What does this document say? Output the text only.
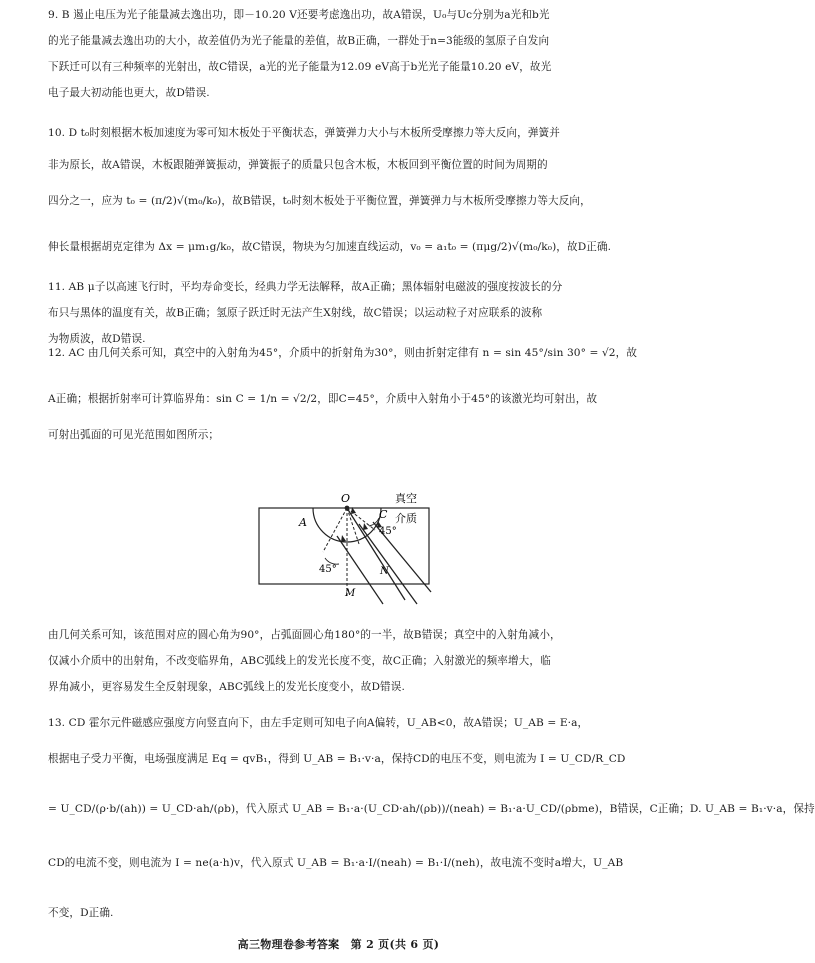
9. B 遏止电压为光子能量减去逸出功，即－10.20 V还要考虑逸出功，故A错误，U₀与Uc分别为a光和b光
的光子能量减去逸出功的大小，故差值仍为光子能量的差值，故B正确，一群处于n=3能级的氢原子自发向
下跃迁可以有三种频率的光射出，故C错误，a光的光子能量为12.09 eV高于b光光子能量10.20 eV，故光
电子最大初动能也更大，故D错误.
10. D t₀时刻根据木板加速度为零可知木板处于平衡状态，弹簧弹力大小与木板所受摩擦力等大反向，弹簧并
非为原长，故A错误，木板跟随弹簧振动，弹簧振子的质量只包含木板，木板回到平衡位置的时间为周期的
四分之一，应为 t₀ = (π/2)√(m₀/k₀)，故B错误，t₀时刻木板处于平衡位置，弹簧弹力与木板所受摩擦力等大反向，
伸长量根据胡克定律为 Δx = μm₁g/k₀，故C错误，物块为匀加速直线运动，v₀ = a₁t₀ = (πμg/2)√(m₀/k₀)，故D正确.
11. AB μ子以高速飞行时，平均寿命变长，经典力学无法解释，故A正确；黑体辐射电磁波的强度按波长的分
布只与黑体的温度有关，故B正确；氢原子跃迁时无法产生X射线，故C错误；以运动粒子对应联系的波称
为物质波，故D错误.
12. AC 由几何关系可知，真空中的入射角为45°，介质中的折射角为30°，则由折射定律有 n = sin 45°/sin 30° = √2，故
A正确；根据折射率可计算临界角：sin C = 1/n = √2/2，即C=45°，介质中入射角小于45°的该激光均可射出，故
可射出弧面的可见光范围如图所示；
O
A
C
N
M
真空
介质
45°
45°
由几何关系可知，该范围对应的圆心角为90°，占弧面圆心角180°的一半，故B错误；真空中的入射角减小，
仅减小介质中的出射角，不改变临界角，ABC弧线上的发光长度不变，故C正确；入射激光的频率增大，临
界角减小，更容易发生全反射现象，ABC弧线上的发光长度变小，故D错误.
13. CD 霍尔元件磁感应强度方向竖直向下，由左手定则可知电子向A偏转，U_AB<0，故A错误；U_AB = E·a，
根据电子受力平衡，电场强度满足 Eq = qvB₁，得到 U_AB = B₁·v·a，保持CD的电压不变，则电流为 I = U_CD/R_CD
= U_CD/(ρ·b/(ah)) = U_CD·ah/(ρb)，代入原式 U_AB = B₁·a·(U_CD·ah/(ρb))/(neah) = B₁·a·U_CD/(ρbme)，B错误，C正确；D. U_AB = B₁·v·a，保持
CD的电流不变，则电流为 I = ne(a·h)v，代入原式 U_AB = B₁·a·I/(neah) = B₁·I/(neh)，故电流不变时a增大，U_AB
不变，D正确.
高三物理卷参考答案　第 2 页(共 6 页)
